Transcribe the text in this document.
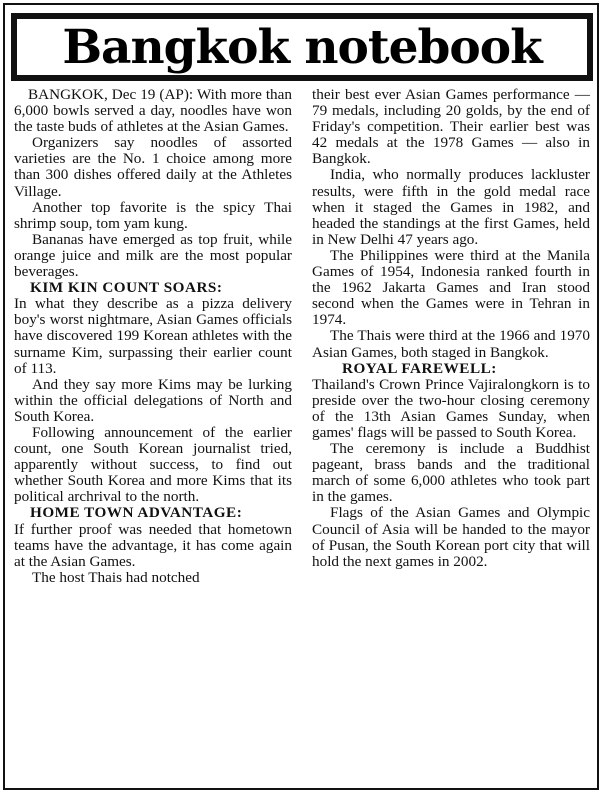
Bangkok notebook

BANGKOK, Dec 19 (AP): With more than 6,000 bowls served a day, noodles have won the taste buds of athletes at the Asian Games.

Organizers say noodles of assorted varieties are the No. 1 choice among more than 300 dishes offered daily at the Athletes Village.

Another top favorite is the spicy Thai shrimp soup, tom yam kung.

Bananas have emerged as top fruit, while orange juice and milk are the most popular beverages.

KIM KIN COUNT SOARS:

In what they describe as a pizza delivery boy's worst nightmare, Asian Games officials have discovered 199 Korean athletes with the surname Kim, surpassing their earlier count of 113.

And they say more Kims may be lurking within the official delegations of North and South Korea.

Following announcement of the earlier count, one South Korean journalist tried, apparently without success, to find out whether South Korea and more Kims that its political archrival to the north.

HOME TOWN ADVANTAGE:

If further proof was needed that hometown teams have the advantage, it has come again at the Asian Games.

The host Thais had notched

their best ever Asian Games performance — 79 medals, including 20 golds, by the end of Friday's competition. Their earlier best was 42 medals at the 1978 Games — also in Bangkok.

India, who normally produces lackluster results, were fifth in the gold medal race when it staged the Games in 1982, and headed the standings at the first Games, held in New Delhi 47 years ago.

The Philippines were third at the Manila Games of 1954, Indonesia ranked fourth in the 1962 Jakarta Games and Iran stood second when the Games were in Tehran in 1974.

The Thais were third at the 1966 and 1970 Asian Games, both staged in Bangkok.

ROYAL FAREWELL:

Thailand's Crown Prince Vajiralongkorn is to preside over the two-hour closing ceremony of the 13th Asian Games Sunday, when games' flags will be passed to South Korea.

The ceremony is include a Buddhist pageant, brass bands and the traditional march of some 6,000 athletes who took part in the games.

Flags of the Asian Games and Olympic Council of Asia will be handed to the mayor of Pusan, the South Korean port city that will hold the next games in 2002.
